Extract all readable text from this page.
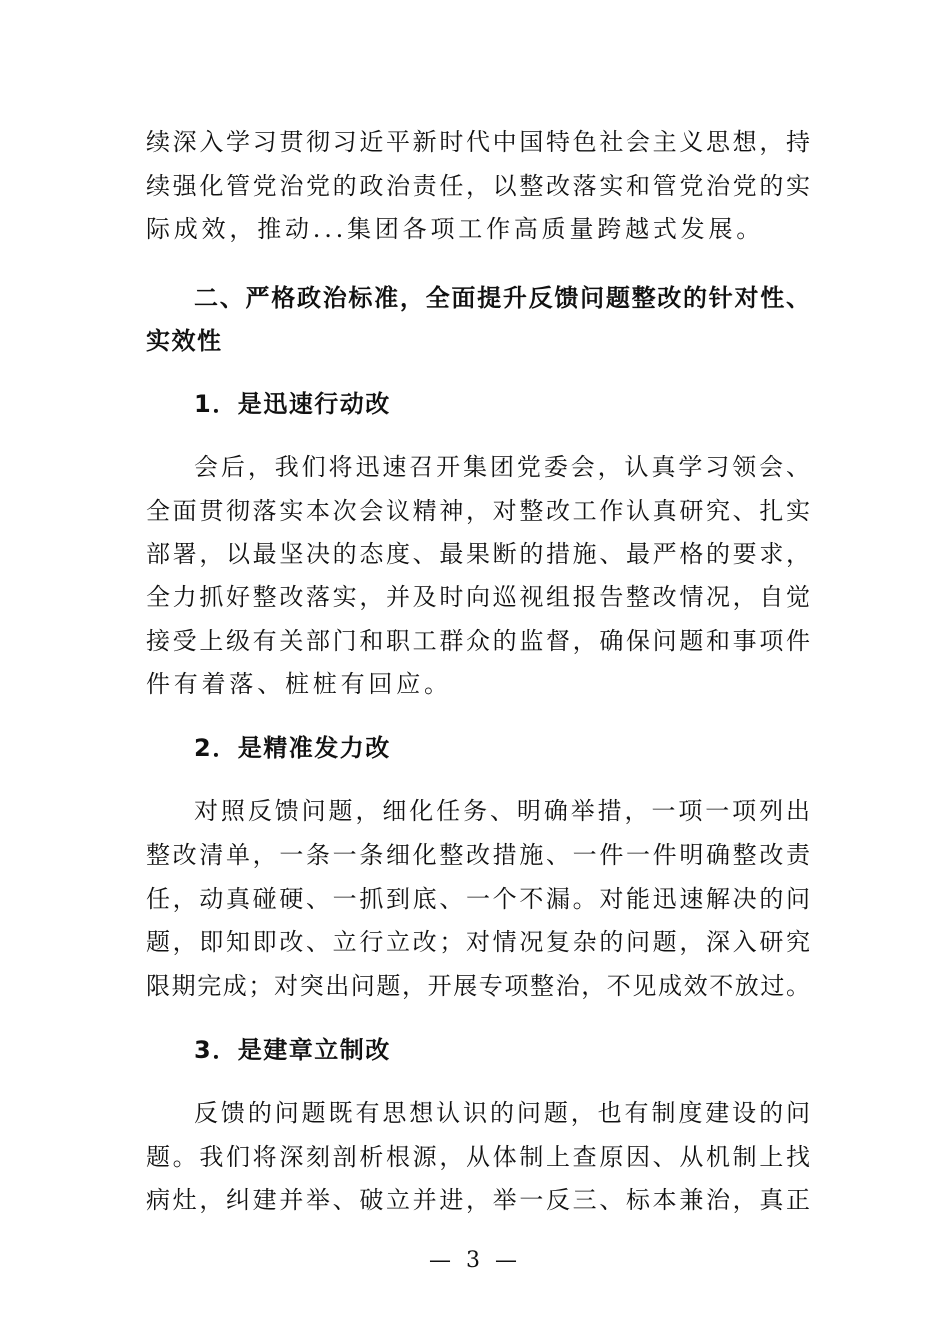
续深入学习贯彻习近平新时代中国特色社会主义思想，持
续强化管党治党的政治责任，以整改落实和管党治党的实
际成效，推动...集团各项工作高质量跨越式发展。
二、严格政治标准，全面提升反馈问题整改的针对性、
实效性
1．是迅速行动改
会后，我们将迅速召开集团党委会，认真学习领会、
全面贯彻落实本次会议精神，对整改工作认真研究、扎实
部署，以最坚决的态度、最果断的措施、最严格的要求，
全力抓好整改落实，并及时向巡视组报告整改情况，自觉
接受上级有关部门和职工群众的监督，确保问题和事项件
件有着落、桩桩有回应。
2．是精准发力改
对照反馈问题，细化任务、明确举措，一项一项列出
整改清单，一条一条细化整改措施、一件一件明确整改责
任，动真碰硬、一抓到底、一个不漏。对能迅速解决的问
题，即知即改、立行立改；对情况复杂的问题，深入研究
限期完成；对突出问题，开展专项整治，不见成效不放过。
3．是建章立制改
反馈的问题既有思想认识的问题，也有制度建设的问
题。我们将深刻剖析根源，从体制上查原因、从机制上找
病灶，纠建并举、破立并进，举一反三、标本兼治，真正
— 3 —
